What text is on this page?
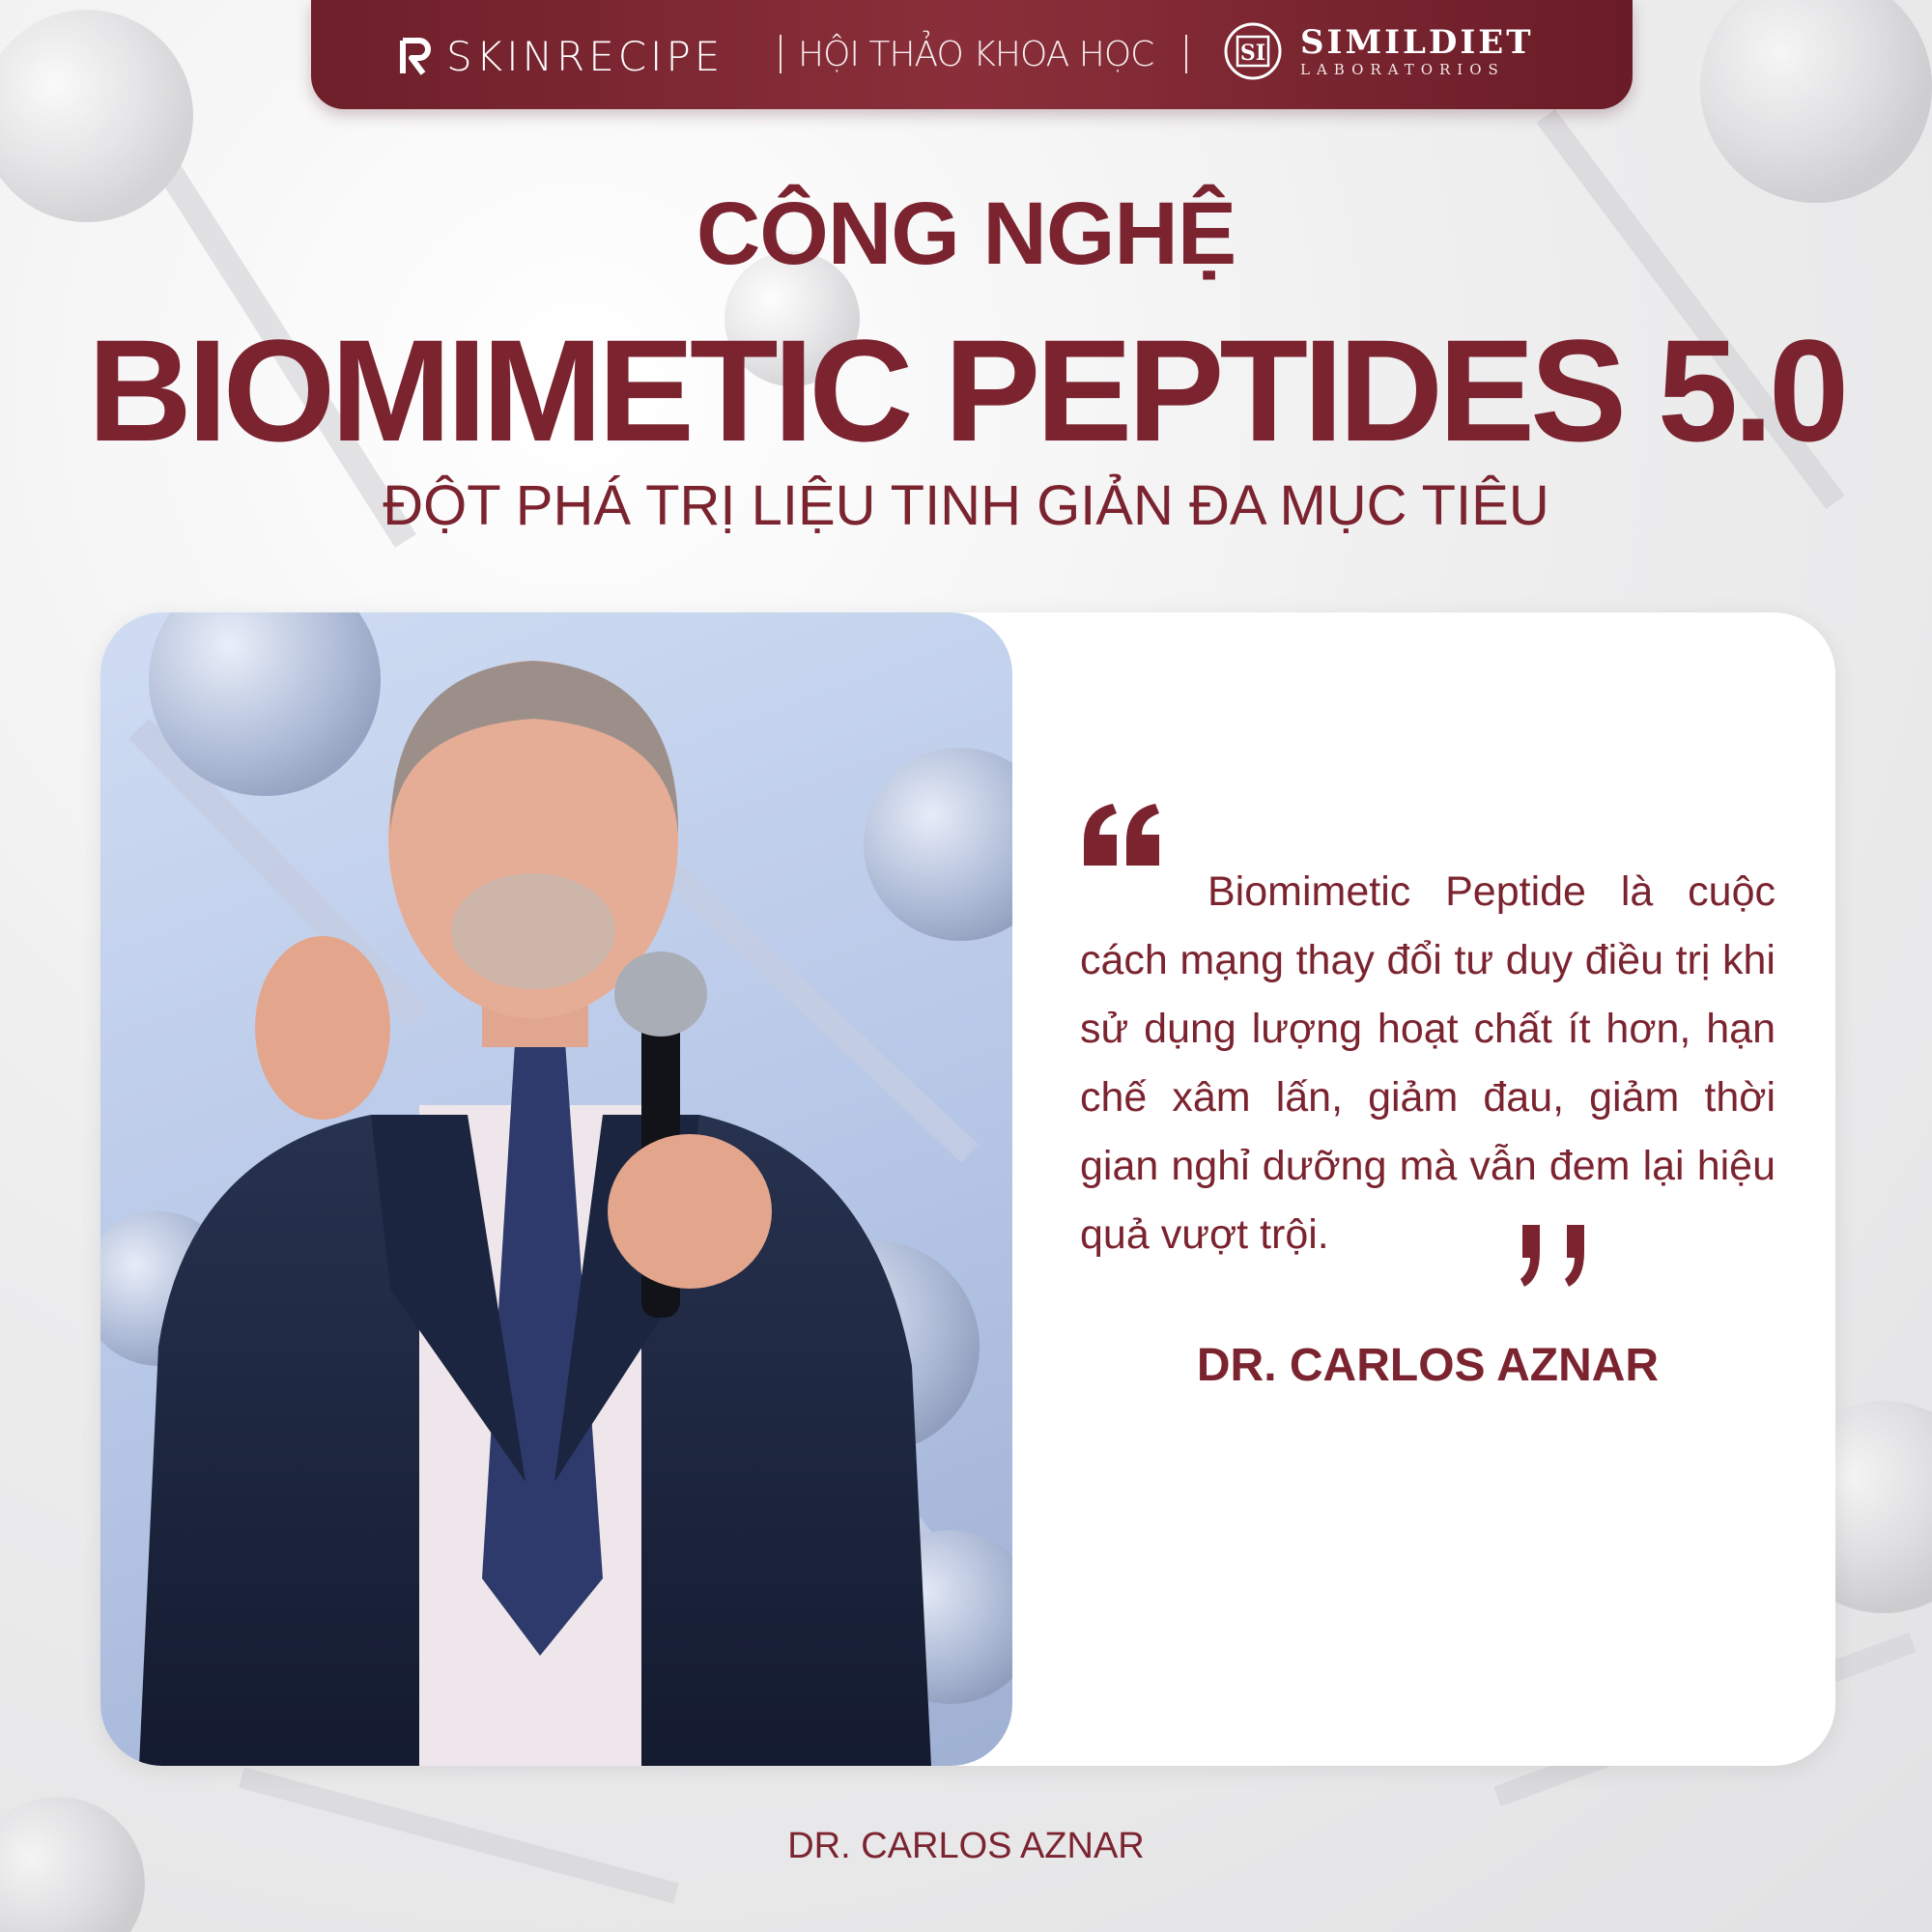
SKINRECIPE HỘI THẢO KHOA HỌC	SI SIMILDIET
LABORATORIOS
CÔNG NGHỆ
BIOMIMETIC PEPTIDES 5.0
ĐỘT PHÁ TRỊ LIỆU TINH GIẢN ĐA MỤC TIÊU
Biomimetic Peptide là cuộc cách mạng thay đổi tư duy điều trị khi sử dụng lượng hoạt chất ít hơn, hạn chế xâm lấn, giảm đau, giảm thời gian nghỉ dưỡng mà vẫn đem lại hiệu quả vượt trội.
DR. CARLOS AZNAR
DR. CARLOS AZNAR
